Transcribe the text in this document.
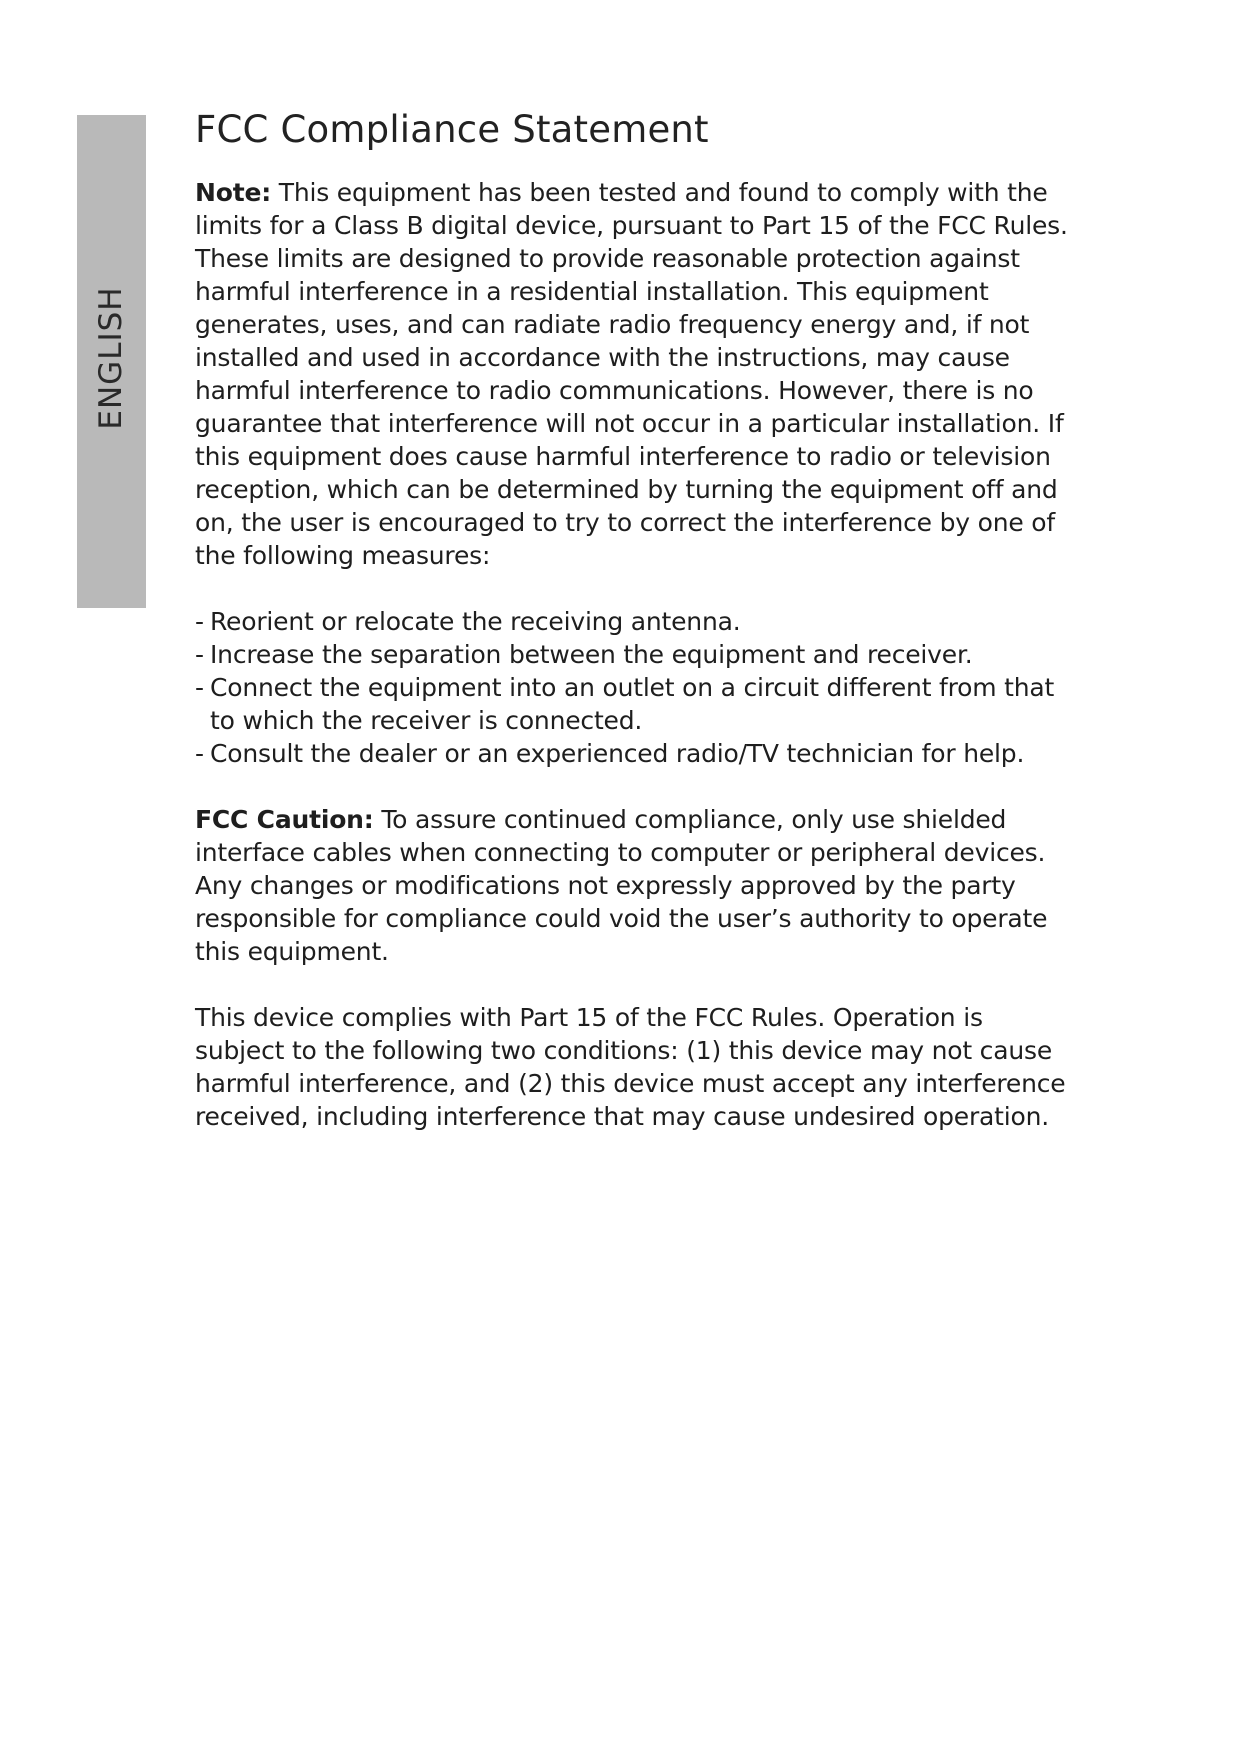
ENGLISH
FCC Compliance Statement

Note: This equipment has been tested and found to comply with the limits for a Class B digital device, pursuant to Part 15 of the FCC Rules. These limits are designed to provide reasonable protection against harmful interference in a residential installation. This equipment generates, uses, and can radiate radio frequency energy and, if not installed and used in accordance with the instructions, may cause harmful interference to radio communications. However, there is no guarantee that interference will not occur in a particular installation. If this equipment does cause harmful interference to radio or television reception, which can be determined by turning the equipment off and on, the user is encouraged to try to correct the interference by one of the following measures:

- Reorient or relocate the receiving antenna.
- Increase the separation between the equipment and receiver.
- Connect the equipment into an outlet on a circuit different from that to which the receiver is connected.
- Consult the dealer or an experienced radio/TV technician for help.

FCC Caution: To assure continued compliance, only use shielded interface cables when connecting to computer or peripheral devices. Any changes or modifications not expressly approved by the party responsible for compliance could void the user’s authority to operate this equipment.

This device complies with Part 15 of the FCC Rules. Operation is subject to the following two conditions: (1) this device may not cause harmful interference, and (2) this device must accept any interference received, including interference that may cause undesired operation.
